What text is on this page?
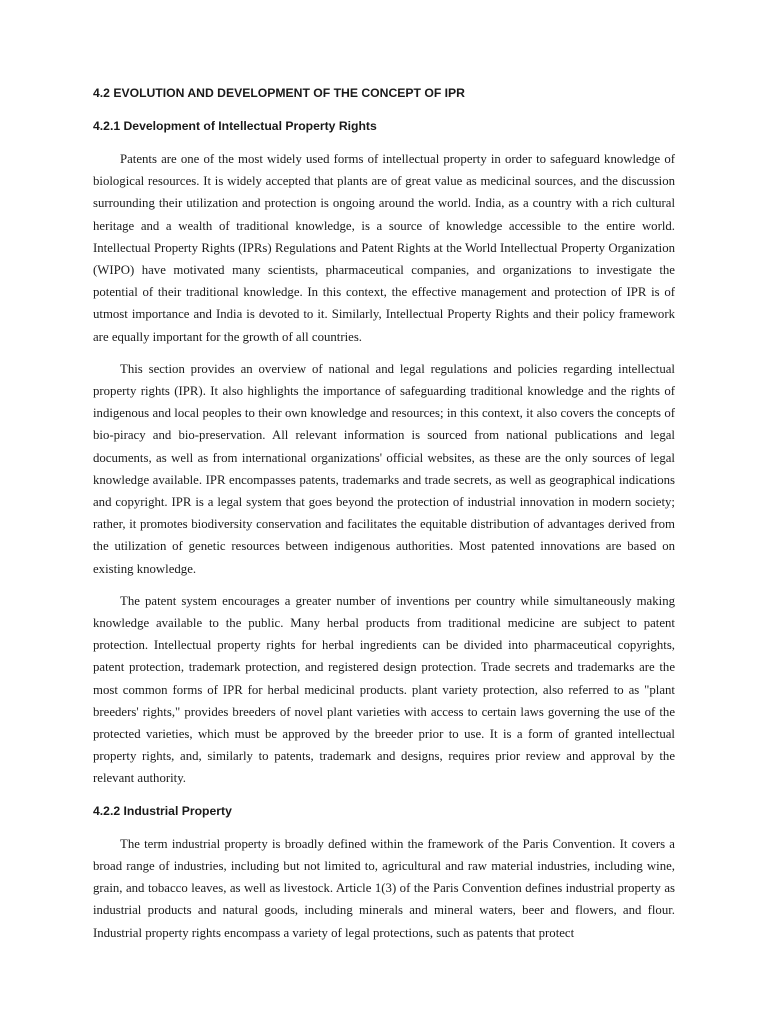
4.2 EVOLUTION AND DEVELOPMENT OF THE CONCEPT OF IPR
4.2.1 Development of Intellectual Property Rights

Patents are one of the most widely used forms of intellectual property in order to safeguard knowledge of biological resources. It is widely accepted that plants are of great value as medicinal sources, and the discussion surrounding their utilization and protection is ongoing around the world. India, as a country with a rich cultural heritage and a wealth of traditional knowledge, is a source of knowledge accessible to the entire world. Intellectual Property Rights (IPRs) Regulations and Patent Rights at the World Intellectual Property Organization (WIPO) have motivated many scientists, pharmaceutical companies, and organizations to investigate the potential of their traditional knowledge. In this context, the effective management and protection of IPR is of utmost importance and India is devoted to it. Similarly, Intellectual Property Rights and their policy framework are equally important for the growth of all countries.

This section provides an overview of national and legal regulations and policies regarding intellectual property rights (IPR). It also highlights the importance of safeguarding traditional knowledge and the rights of indigenous and local peoples to their own knowledge and resources; in this context, it also covers the concepts of bio-piracy and bio-preservation. All relevant information is sourced from national publications and legal documents, as well as from international organizations' official websites, as these are the only sources of legal knowledge available. IPR encompasses patents, trademarks and trade secrets, as well as geographical indications and copyright. IPR is a legal system that goes beyond the protection of industrial innovation in modern society; rather, it promotes biodiversity conservation and facilitates the equitable distribution of advantages derived from the utilization of genetic resources between indigenous authorities. Most patented innovations are based on existing knowledge.

The patent system encourages a greater number of inventions per country while simultaneously making knowledge available to the public. Many herbal products from traditional medicine are subject to patent protection. Intellectual property rights for herbal ingredients can be divided into pharmaceutical copyrights, patent protection, trademark protection, and registered design protection. Trade secrets and trademarks are the most common forms of IPR for herbal medicinal products. plant variety protection, also referred to as "plant breeders' rights," provides breeders of novel plant varieties with access to certain laws governing the use of the protected varieties, which must be approved by the breeder prior to use. It is a form of granted intellectual property rights, and, similarly to patents, trademark and designs, requires prior review and approval by the relevant authority.

4.2.2 Industrial Property

The term industrial property is broadly defined within the framework of the Paris Convention. It covers a broad range of industries, including but not limited to, agricultural and raw material industries, including wine, grain, and tobacco leaves, as well as livestock. Article 1(3) of the Paris Convention defines industrial property as industrial products and natural goods, including minerals and mineral waters, beer and flowers, and flour. Industrial property rights encompass a variety of legal protections, such as patents that protect
